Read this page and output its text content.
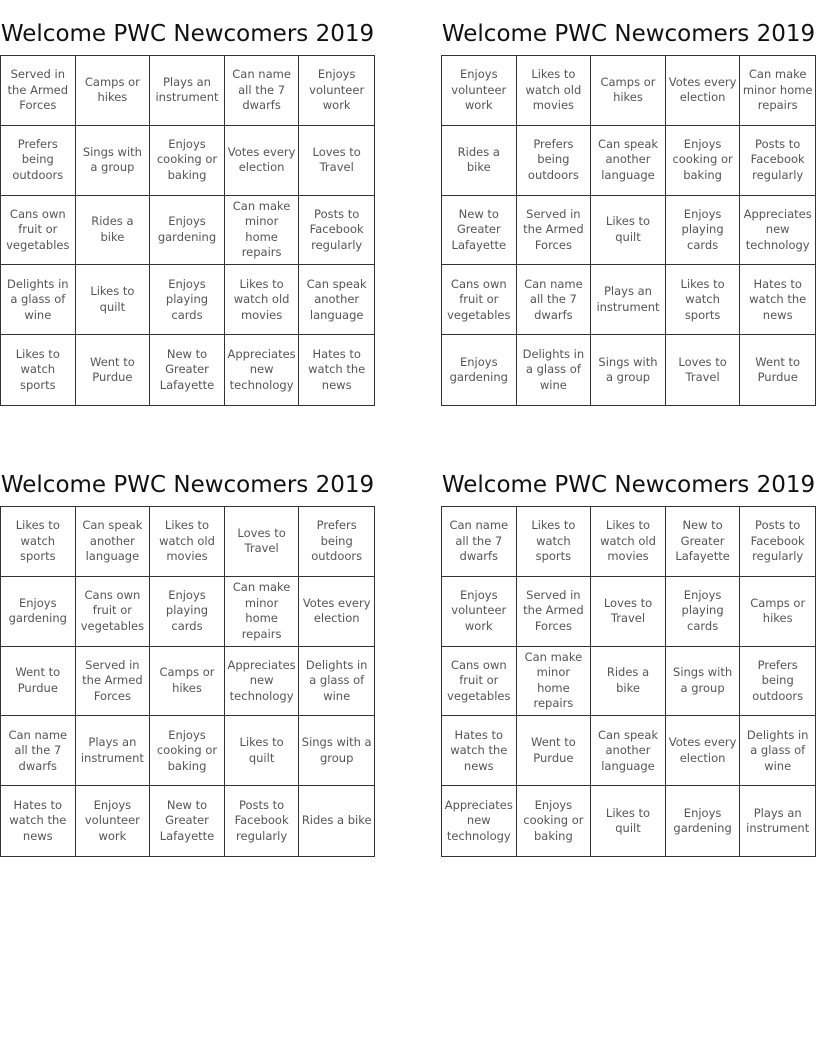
Welcome PWC Newcomers 2019
Served in the Armed Forces
Camps or hikes
Plays an instrument
Can name all the 7 dwarfs
Enjoys volunteer work
Prefers being outdoors
Sings with a group
Enjoys cooking or baking
Votes every election
Loves to Travel
Cans own fruit or vegetables
Rides a bike
Enjoys gardening
Can make minor home repairs
Posts to Facebook regularly
Delights in a glass of wine
Likes to quilt
Enjoys playing cards
Likes to watch old movies
Can speak another language
Likes to watch sports
Went to Purdue
New to Greater Lafayette
Appreciates new technology
Hates to watch the news
Welcome PWC Newcomers 2019
Enjoys volunteer work
Likes to watch old movies
Camps or hikes
Votes every election
Can make minor home repairs
Rides a bike
Prefers being outdoors
Can speak another language
Enjoys cooking or baking
Posts to Facebook regularly
New to Greater Lafayette
Served in the Armed Forces
Likes to quilt
Enjoys playing cards
Appreciates new technology
Cans own fruit or vegetables
Can name all the 7 dwarfs
Plays an instrument
Likes to watch sports
Hates to watch the news
Enjoys gardening
Delights in a glass of wine
Sings with a group
Loves to Travel
Went to Purdue
Welcome PWC Newcomers 2019
Likes to watch sports
Can speak another language
Likes to watch old movies
Loves to Travel
Prefers being outdoors
Enjoys gardening
Cans own fruit or vegetables
Enjoys playing cards
Can make minor home repairs
Votes every election
Went to Purdue
Served in the Armed Forces
Camps or hikes
Appreciates new technology
Delights in a glass of wine
Can name all the 7 dwarfs
Plays an instrument
Enjoys cooking or baking
Likes to quilt
Sings with a group
Hates to watch the news
Enjoys volunteer work
New to Greater Lafayette
Posts to Facebook regularly
Rides a bike
Welcome PWC Newcomers 2019
Can name all the 7 dwarfs
Likes to watch sports
Likes to watch old movies
New to Greater Lafayette
Posts to Facebook regularly
Enjoys volunteer work
Served in the Armed Forces
Loves to Travel
Enjoys playing cards
Camps or hikes
Cans own fruit or vegetables
Can make minor home repairs
Rides a bike
Sings with a group
Prefers being outdoors
Hates to watch the news
Went to Purdue
Can speak another language
Votes every election
Delights in a glass of wine
Appreciates new technology
Enjoys cooking or baking
Likes to quilt
Enjoys gardening
Plays an instrument
